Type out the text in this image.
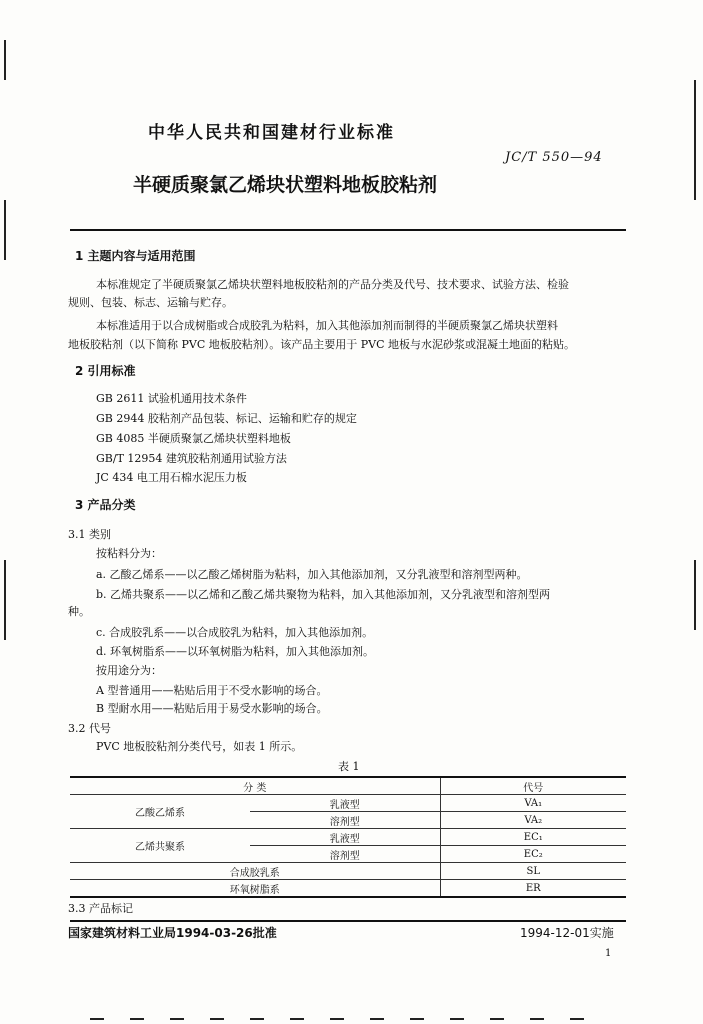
中华人民共和国建材行业标准
JC/T 550—94
半硬质聚氯乙烯块状塑料地板胶粘剂
1 主题内容与适用范围
本标准规定了半硬质聚氯乙烯块状塑料地板胶粘剂的产品分类及代号、技术要求、试验方法、检验
规则、包装、标志、运输与贮存。
本标准适用于以合成树脂或合成胶乳为粘料，加入其他添加剂而制得的半硬质聚氯乙烯块状塑料
地板胶粘剂（以下简称 PVC 地板胶粘剂）。该产品主要用于 PVC 地板与水泥砂浆或混凝土地面的粘贴。
2 引用标准
GB 2611 试验机通用技术条件
GB 2944 胶粘剂产品包装、标记、运输和贮存的规定
GB 4085 半硬质聚氯乙烯块状塑料地板
GB/T 12954 建筑胶粘剂通用试验方法
JC 434 电工用石棉水泥压力板
3 产品分类
3.1 类别
按粘料分为：
a. 乙酸乙烯系——以乙酸乙烯树脂为粘料，加入其他添加剂，又分乳液型和溶剂型两种。
b. 乙烯共聚系——以乙烯和乙酸乙烯共聚物为粘料，加入其他添加剂，又分乳液型和溶剂型两
种。
c. 合成胶乳系——以合成胶乳为粘料，加入其他添加剂。
d. 环氧树脂系——以环氧树脂为粘料，加入其他添加剂。
按用途分为：
A 型普通用——粘贴后用于不受水影响的场合。
B 型耐水用——粘贴后用于易受水影响的场合。
3.2 代号
PVC 地板胶粘剂分类代号，如表 1 所示。
表 1
分 类		代号
乙酸乙烯系	乳液型	VA₁
	溶剂型	VA₂
乙烯共聚系	乳液型	EC₁
	溶剂型	EC₂
合成胶乳系		SL
环氧树脂系		ER
3.3 产品标记
国家建筑材料工业局1994-03-26批准	1994-12-01实施
1
